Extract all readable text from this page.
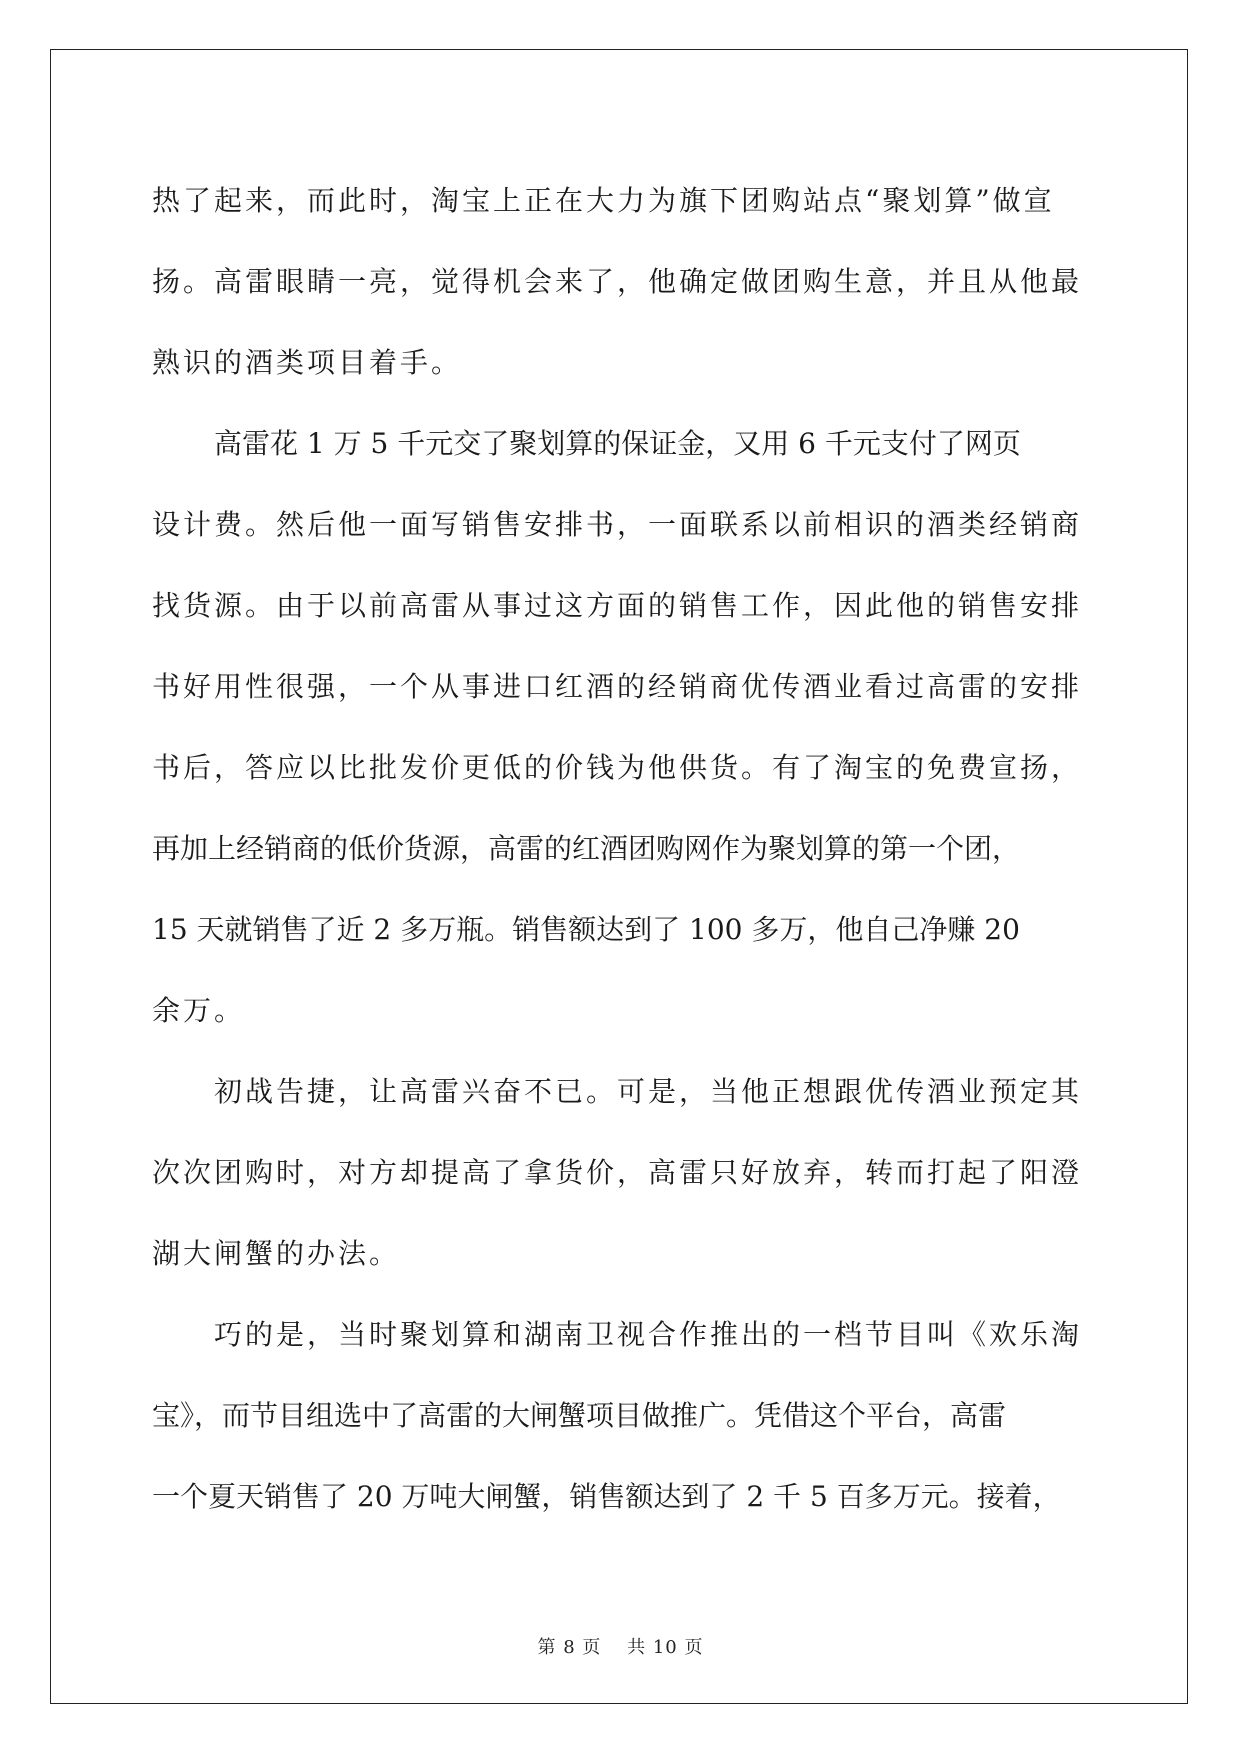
热了起来，而此时，淘宝上正在大力为旗下团购站点“聚划算”做宣
扬。高雷眼睛一亮，觉得机会来了，他确定做团购生意，并且从他最
熟识的酒类项目着手。

高雷花 1 万 5 千元交了聚划算的保证金，又用 6 千元支付了网页
设计费。然后他一面写销售安排书，一面联系以前相识的酒类经销商
找货源。由于以前高雷从事过这方面的销售工作，因此他的销售安排
书好用性很强，一个从事进口红酒的经销商优传酒业看过高雷的安排
书后，答应以比批发价更低的价钱为他供货。有了淘宝的免费宣扬，
再加上经销商的低价货源，高雷的红酒团购网作为聚划算的第一个团，
15 天就销售了近 2 多万瓶。销售额达到了 100 多万，他自己净赚 20
余万。

初战告捷，让高雷兴奋不已。可是，当他正想跟优传酒业预定其
次次团购时，对方却提高了拿货价，高雷只好放弃，转而打起了阳澄
湖大闸蟹的办法。

巧的是，当时聚划算和湖南卫视合作推出的一档节目叫《欢乐淘
宝》，而节目组选中了高雷的大闸蟹项目做推广。凭借这个平台，高雷
一个夏天销售了 20 万吨大闸蟹，销售额达到了 2 千 5 百多万元。接着，

第 8 页　 共 10 页
